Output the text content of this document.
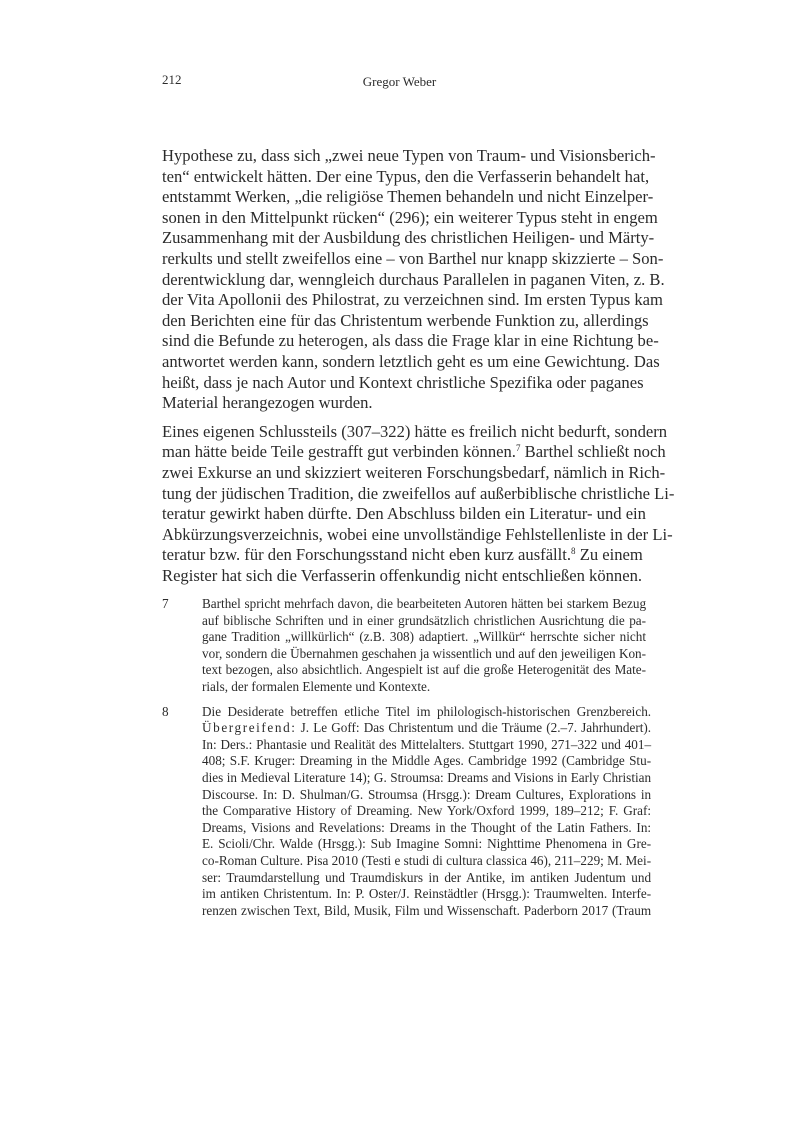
212	Gregor Weber

Hypothese zu, dass sich „zwei neue Typen von Traum- und Visionsberich-
ten“ entwickelt hätten. Der eine Typus, den die Verfasserin behandelt hat,
entstammt Werken, „die religiöse Themen behandeln und nicht Einzelper-
sonen in den Mittelpunkt rücken“ (296); ein weiterer Typus steht in engem
Zusammenhang mit der Ausbildung des christlichen Heiligen- und Märty-
rerkults und stellt zweifellos eine – von Barthel nur knapp skizzierte – Son-
derentwicklung dar, wenngleich durchaus Parallelen in paganen Viten, z. B.
der Vita Apollonii des Philostrat, zu verzeichnen sind. Im ersten Typus kam
den Berichten eine für das Christentum werbende Funktion zu, allerdings
sind die Befunde zu heterogen, als dass die Frage klar in eine Richtung be-
antwortet werden kann, sondern letztlich geht es um eine Gewichtung. Das
heißt, dass je nach Autor und Kontext christliche Spezifika oder paganes
Material herangezogen wurden.

Eines eigenen Schlussteils (307–322) hätte es freilich nicht bedurft, sondern
man hätte beide Teile gestrafft gut verbinden können.$^7$ Barthel schließt noch
zwei Exkurse an und skizziert weiteren Forschungsbedarf, nämlich in Rich-
tung der jüdischen Tradition, die zweifellos auf außerbiblische christliche Li-
teratur gewirkt haben dürfte. Den Abschluss bilden ein Literatur- und ein
Abkürzungsverzeichnis, wobei eine unvollständige Fehlstellenliste in der Li-
teratur bzw. für den Forschungsstand nicht eben kurz ausfällt.$^8$ Zu einem
Register hat sich die Verfasserin offenkundig nicht entschließen können.

7	Barthel spricht mehrfach davon, die bearbeiteten Autoren hätten bei starkem Bezug
auf biblische Schriften und in einer grundsätzlich christlichen Ausrichtung die pa-
gane Tradition „willkürlich“ (z.B. 308) adaptiert. „Willkür“ herrschte sicher nicht
vor, sondern die Übernahmen geschahen ja wissentlich und auf den jeweiligen Kon-
text bezogen, also absichtlich. Angespielt ist auf die große Heterogenität des Mate-
rials, der formalen Elemente und Kontexte.
8	Die Desiderate betreffen etliche Titel im philologisch-historischen Grenzbereich.
Übergreifend: J. Le Goff: Das Christentum und die Träume (2.–7. Jahrhundert).
In: Ders.: Phantasie und Realität des Mittelalters. Stuttgart 1990, 271–322 und 401–
408; S.F. Kruger: Dreaming in the Middle Ages. Cambridge 1992 (Cambridge Stu-
dies in Medieval Literature 14); G. Stroumsa: Dreams and Visions in Early Christian
Discourse. In: D. Shulman/G. Stroumsa (Hrsgg.): Dream Cultures, Explorations in
the Comparative History of Dreaming. New York/Oxford 1999, 189–212; F. Graf:
Dreams, Visions and Revelations: Dreams in the Thought of the Latin Fathers. In:
E. Scioli/Chr. Walde (Hrsgg.): Sub Imagine Somni: Nighttime Phenomena in Gre-
co-Roman Culture. Pisa 2010 (Testi e studi di cultura classica 46), 211–229; M. Mei-
ser: Traumdarstellung und Traumdiskurs in der Antike, im antiken Judentum und
im antiken Christentum. In: P. Oster/J. Reinstädtler (Hrsgg.): Traumwelten. Interfe-
renzen zwischen Text, Bild, Musik, Film und Wissenschaft. Paderborn 2017 (Traum
